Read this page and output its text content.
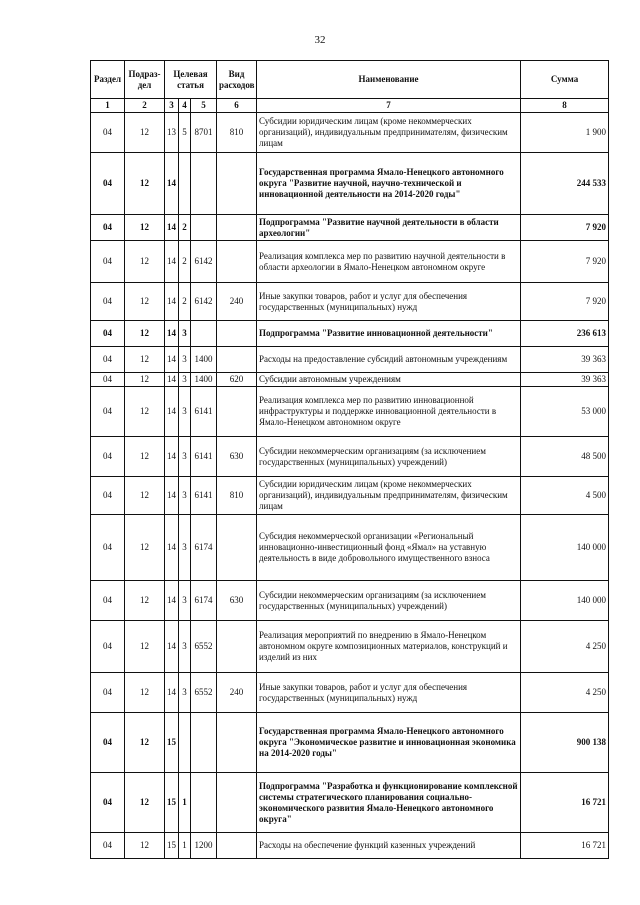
32
Раздел	Подраз-дел	Целевая статья			Вид расходов	Наименование	Сумма
1	2	3	4	5	6	7	8
04	12	13	5	8701	810	Субсидии юридическим лицам (кроме некоммерческих организаций), индивидуальным предпринимателям, физическим лицам	1 900
04	12	14				Государственная программа Ямало-Ненецкого автономного округа "Развитие научной, научно-технической и инновационной деятельности на 2014-2020 годы"	244 533
04	12	14	2			Подпрограмма "Развитие научной деятельности в области археологии"	7 920
04	12	14	2	6142		Реализация комплекса мер по развитию научной деятельности в области археологии в Ямало-Ненецком автономном округе	7 920
04	12	14	2	6142	240	Иные закупки товаров, работ и услуг для обеспечения государственных (муниципальных) нужд	7 920
04	12	14	3			Подпрограмма "Развитие инновационной деятельности"	236 613
04	12	14	3	1400		Расходы на предоставление субсидий автономным учреждениям	39 363
04	12	14	3	1400	620	Субсидии автономным учреждениям	39 363
04	12	14	3	6141		Реализация комплекса мер по развитию инновационной инфраструктуры и поддержке инновационной деятельности в Ямало-Ненецком автономном округе	53 000
04	12	14	3	6141	630	Субсидии некоммерческим организациям (за исключением государственных (муниципальных) учреждений)	48 500
04	12	14	3	6141	810	Субсидии юридическим лицам (кроме некоммерческих организаций), индивидуальным предпринимателям, физическим лицам	4 500
04	12	14	3	6174		Субсидия некоммерческой организации «Региональный инновационно-инвестиционный фонд «Ямал» на уставную деятельность в виде добровольного имущественного взноса	140 000
04	12	14	3	6174	630	Субсидии некоммерческим организациям (за исключением государственных (муниципальных) учреждений)	140 000
04	12	14	3	6552		Реализация мероприятий по внедрению в Ямало-Ненецком автономном округе композиционных материалов, конструкций и изделий из них	4 250
04	12	14	3	6552	240	Иные закупки товаров, работ и услуг для обеспечения государственных (муниципальных) нужд	4 250
04	12	15				Государственная программа Ямало-Ненецкого автономного округа "Экономическое развитие и инновационная экономика на 2014-2020 годы"	900 138
04	12	15	1			Подпрограмма "Разработка и функционирование комплексной системы стратегического планирования социально-экономического развития Ямало-Ненецкого автономного округа"	16 721
04	12	15	1	1200		Расходы на обеспечение функций казенных учреждений	16 721
